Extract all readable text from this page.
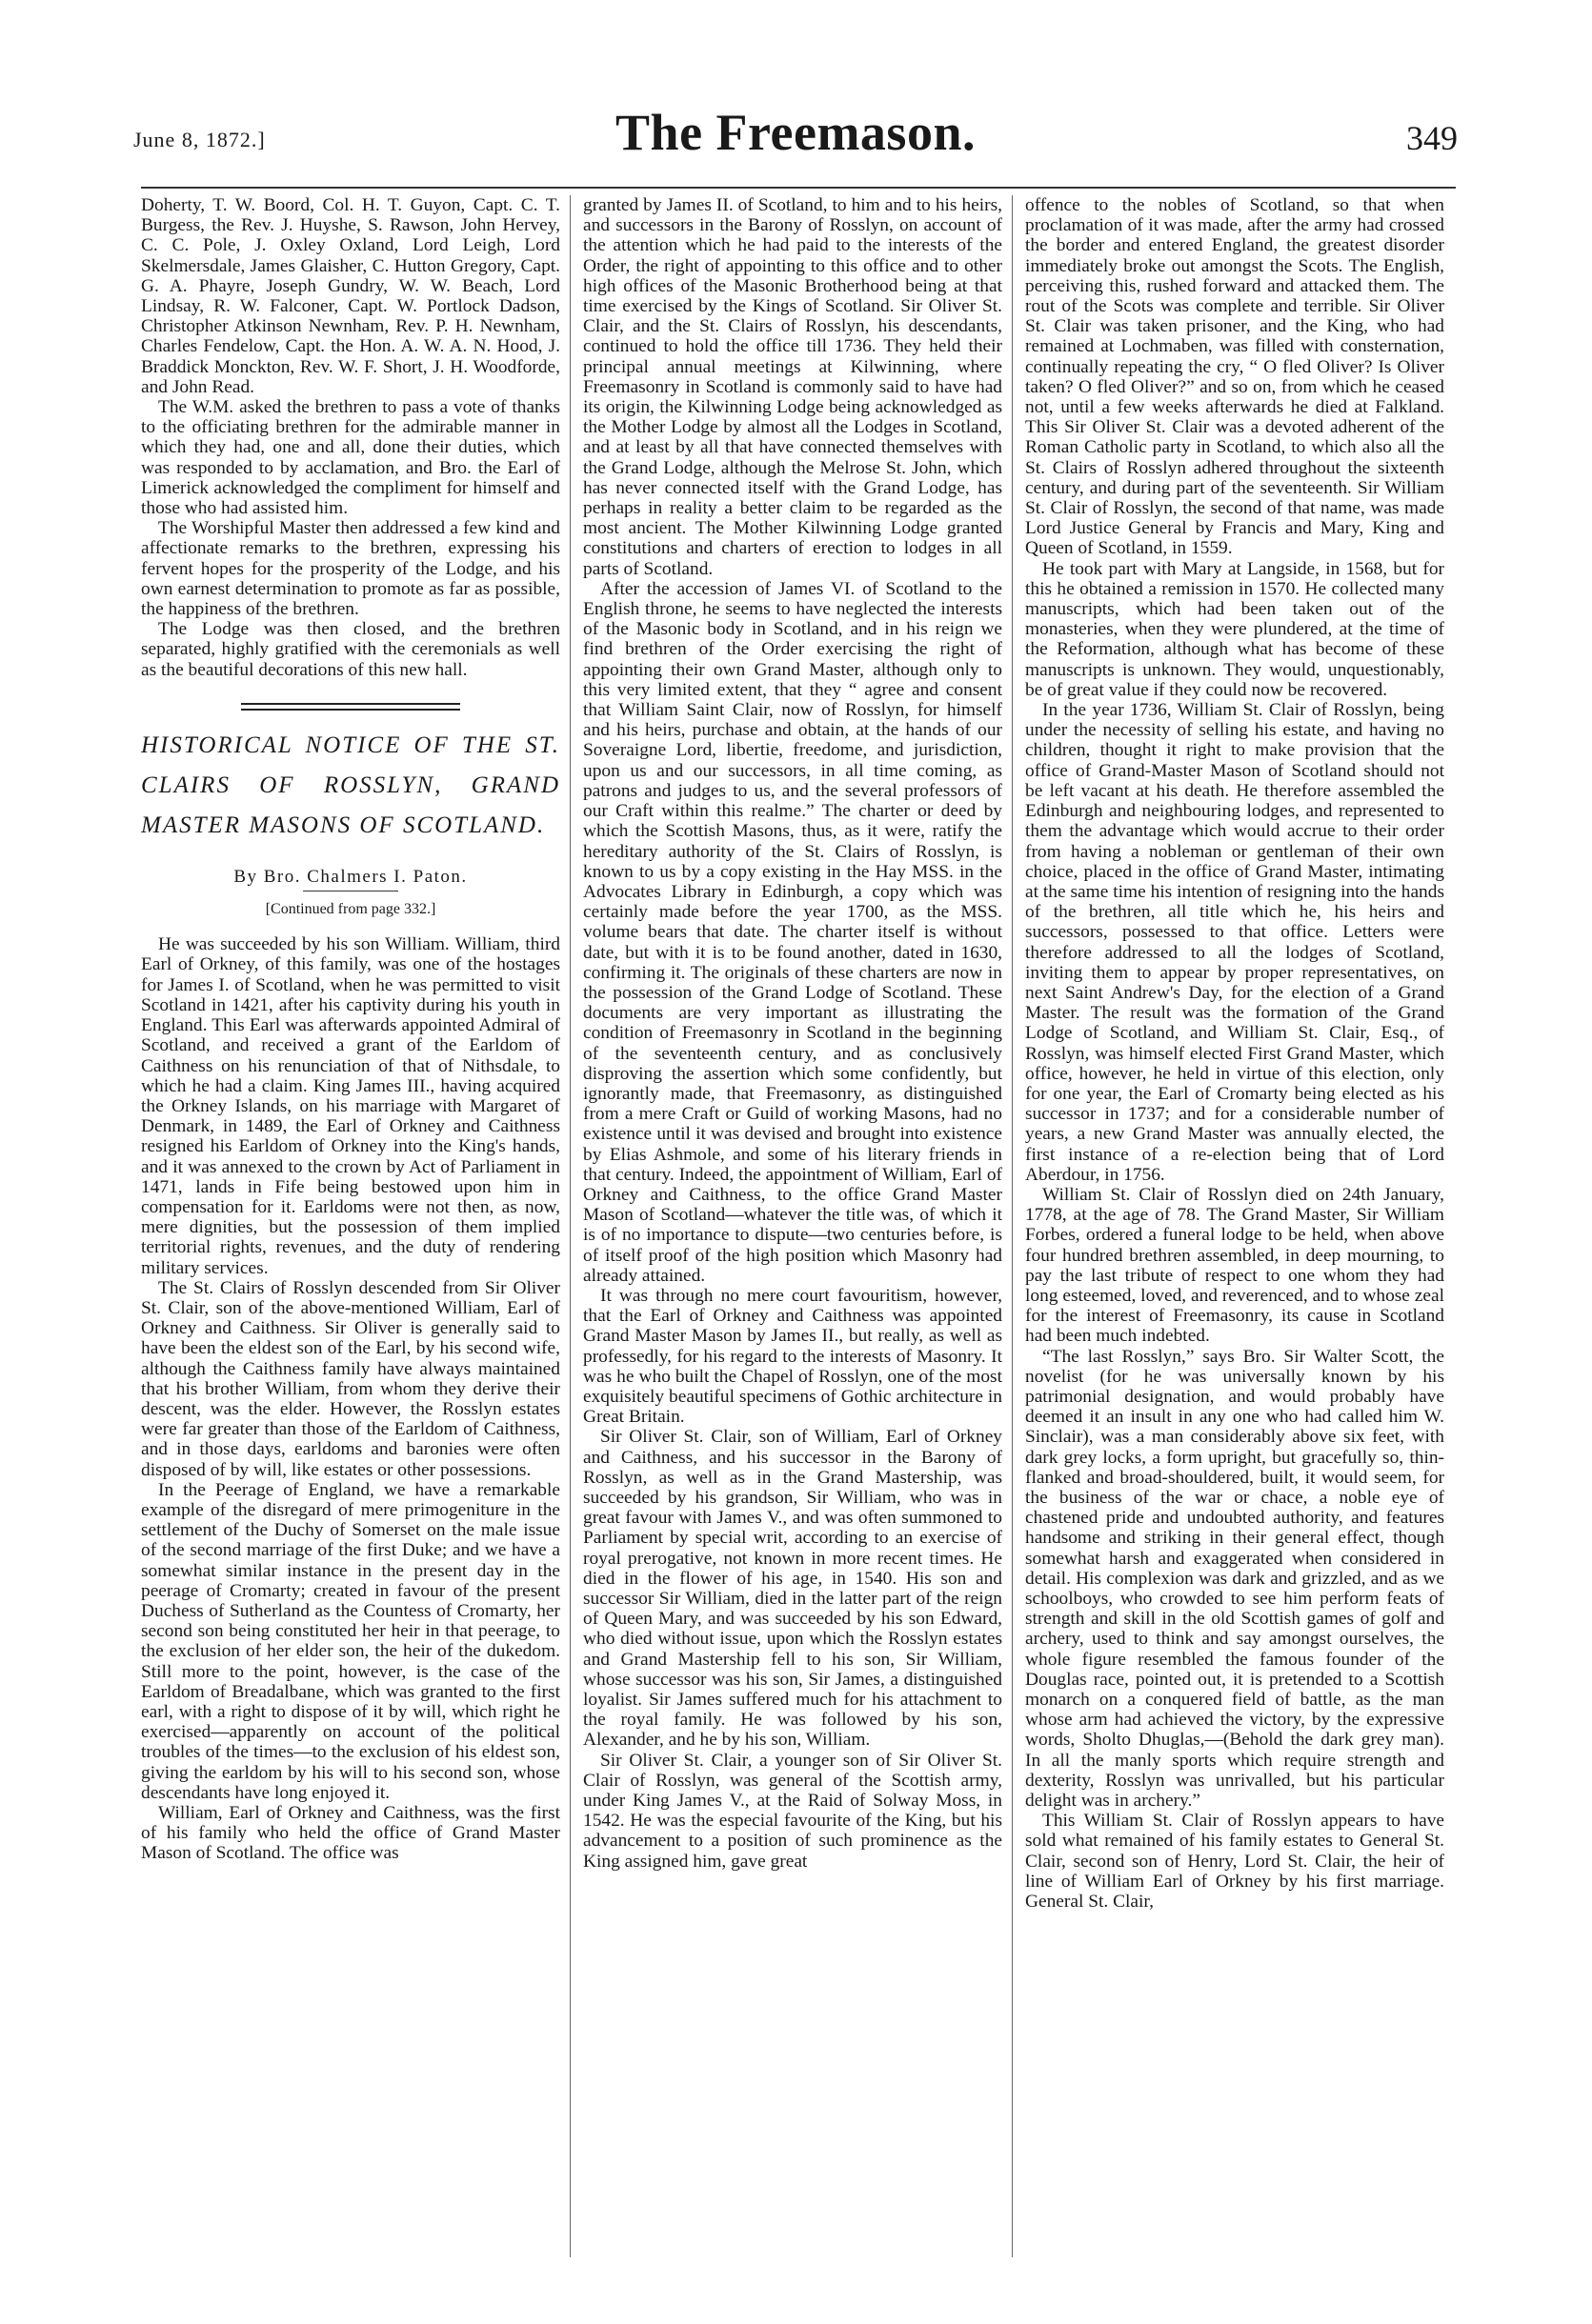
June 8, 1872.]	The Freemason.	349

Doherty, T. W. Boord, Col. H. T. Guyon, Capt. C. T. Burgess, the Rev. J. Huyshe, S. Rawson, John Hervey, C. C. Pole, J. Oxley Oxland, Lord Leigh, Lord Skelmersdale, James Glaisher, C. Hutton Gregory, Capt. G. A. Phayre, Joseph Gundry, W. W. Beach, Lord Lindsay, R. W. Falconer, Capt. W. Portlock Dadson, Christopher Atkinson Newnham, Rev. P. H. Newnham, Charles Fendelow, Capt. the Hon. A. W. A. N. Hood, J. Braddick Monckton, Rev. W. F. Short, J. H. Woodforde, and John Read.

The W.M. asked the brethren to pass a vote of thanks to the officiating brethren for the admirable manner in which they had, one and all, done their duties, which was responded to by acclamation, and Bro. the Earl of Limerick acknowledged the compliment for himself and those who had assisted him.

The Worshipful Master then addressed a few kind and affectionate remarks to the brethren, expressing his fervent hopes for the prosperity of the Lodge, and his own earnest determination to promote as far as possible, the happiness of the brethren.

The Lodge was then closed, and the brethren separated, highly gratified with the ceremonials as well as the beautiful decorations of this new hall.

HISTORICAL NOTICE OF THE ST. CLAIRS OF ROSSLYN, GRAND MASTER MASONS OF SCOTLAND.
By Bro. Chalmers I. Paton.
[Continued from page 332.]

He was succeeded by his son William. William, third Earl of Orkney, of this family, was one of the hostages for James I. of Scotland, when he was permitted to visit Scotland in 1421, after his captivity during his youth in England. This Earl was afterwards appointed Admiral of Scotland, and received a grant of the Earldom of Caithness on his renunciation of that of Nithsdale, to which he had a claim. King James III., having acquired the Orkney Islands, on his marriage with Margaret of Denmark, in 1489, the Earl of Orkney and Caithness resigned his Earldom of Orkney into the King's hands, and it was annexed to the crown by Act of Parliament in 1471, lands in Fife being bestowed upon him in compensation for it. Earldoms were not then, as now, mere dignities, but the possession of them implied territorial rights, revenues, and the duty of rendering military services.

The St. Clairs of Rosslyn descended from Sir Oliver St. Clair, son of the above-mentioned William, Earl of Orkney and Caithness. Sir Oliver is generally said to have been the eldest son of the Earl, by his second wife, although the Caithness family have always maintained that his brother William, from whom they derive their descent, was the elder. However, the Rosslyn estates were far greater than those of the Earldom of Caithness, and in those days, earldoms and baronies were often disposed of by will, like estates or other possessions.

In the Peerage of England, we have a remarkable example of the disregard of mere primogeniture in the settlement of the Duchy of Somerset on the male issue of the second marriage of the first Duke; and we have a somewhat similar instance in the present day in the peerage of Cromarty; created in favour of the present Duchess of Sutherland as the Countess of Cromarty, her second son being constituted her heir in that peerage, to the exclusion of her elder son, the heir of the dukedom. Still more to the point, however, is the case of the Earldom of Breadalbane, which was granted to the first earl, with a right to dispose of it by will, which right he exercised—apparently on account of the political troubles of the times—to the exclusion of his eldest son, giving the earldom by his will to his second son, whose descendants have long enjoyed it.

William, Earl of Orkney and Caithness, was the first of his family who held the office of Grand Master Mason of Scotland. The office was

granted by James II. of Scotland, to him and to his heirs, and successors in the Barony of Rosslyn, on account of the attention which he had paid to the interests of the Order, the right of appointing to this office and to other high offices of the Masonic Brotherhood being at that time exercised by the Kings of Scotland. Sir Oliver St. Clair, and the St. Clairs of Rosslyn, his descendants, continued to hold the office till 1736. They held their principal annual meetings at Kilwinning, where Freemasonry in Scotland is commonly said to have had its origin, the Kilwinning Lodge being acknowledged as the Mother Lodge by almost all the Lodges in Scotland, and at least by all that have connected themselves with the Grand Lodge, although the Melrose St. John, which has never connected itself with the Grand Lodge, has perhaps in reality a better claim to be regarded as the most ancient. The Mother Kilwinning Lodge granted constitutions and charters of erection to lodges in all parts of Scotland.

After the accession of James VI. of Scotland to the English throne, he seems to have neglected the interests of the Masonic body in Scotland, and in his reign we find brethren of the Order exercising the right of appointing their own Grand Master, although only to this very limited extent, that they “ agree and consent that William Saint Clair, now of Rosslyn, for himself and his heirs, purchase and obtain, at the hands of our Soveraigne Lord, libertie, freedome, and jurisdiction, upon us and our successors, in all time coming, as patrons and judges to us, and the several professors of our Craft within this realme.” The charter or deed by which the Scottish Masons, thus, as it were, ratify the hereditary authority of the St. Clairs of Rosslyn, is known to us by a copy existing in the Hay MSS. in the Advocates Library in Edinburgh, a copy which was certainly made before the year 1700, as the MSS. volume bears that date. The charter itself is without date, but with it is to be found another, dated in 1630, confirming it. The originals of these charters are now in the possession of the Grand Lodge of Scotland. These documents are very important as illustrating the condition of Freemasonry in Scotland in the beginning of the seventeenth century, and as conclusively disproving the assertion which some confidently, but ignorantly made, that Freemasonry, as distinguished from a mere Craft or Guild of working Masons, had no existence until it was devised and brought into existence by Elias Ashmole, and some of his literary friends in that century. Indeed, the appointment of William, Earl of Orkney and Caithness, to the office Grand Master Mason of Scotland—whatever the title was, of which it is of no importance to dispute—two centuries before, is of itself proof of the high position which Masonry had already attained.

It was through no mere court favouritism, however, that the Earl of Orkney and Caithness was appointed Grand Master Mason by James II., but really, as well as professedly, for his regard to the interests of Masonry. It was he who built the Chapel of Rosslyn, one of the most exquisitely beautiful specimens of Gothic architecture in Great Britain.

Sir Oliver St. Clair, son of William, Earl of Orkney and Caithness, and his successor in the Barony of Rosslyn, as well as in the Grand Mastership, was succeeded by his grandson, Sir William, who was in great favour with James V., and was often summoned to Parliament by special writ, according to an exercise of royal prerogative, not known in more recent times. He died in the flower of his age, in 1540. His son and successor Sir William, died in the latter part of the reign of Queen Mary, and was succeeded by his son Edward, who died without issue, upon which the Rosslyn estates and Grand Mastership fell to his son, Sir William, whose successor was his son, Sir James, a distinguished loyalist. Sir James suffered much for his attachment to the royal family. He was followed by his son, Alexander, and he by his son, William.

Sir Oliver St. Clair, a younger son of Sir Oliver St. Clair of Rosslyn, was general of the Scottish army, under King James V., at the Raid of Solway Moss, in 1542. He was the especial favourite of the King, but his advancement to a position of such prominence as the King assigned him, gave great

offence to the nobles of Scotland, so that when proclamation of it was made, after the army had crossed the border and entered England, the greatest disorder immediately broke out amongst the Scots. The English, perceiving this, rushed forward and attacked them. The rout of the Scots was complete and terrible. Sir Oliver St. Clair was taken prisoner, and the King, who had remained at Lochmaben, was filled with consternation, continually repeating the cry, “ O fled Oliver? Is Oliver taken? O fled Oliver?” and so on, from which he ceased not, until a few weeks afterwards he died at Falkland. This Sir Oliver St. Clair was a devoted adherent of the Roman Catholic party in Scotland, to which also all the St. Clairs of Rosslyn adhered throughout the sixteenth century, and during part of the seventeenth. Sir William St. Clair of Rosslyn, the second of that name, was made Lord Justice General by Francis and Mary, King and Queen of Scotland, in 1559.

He took part with Mary at Langside, in 1568, but for this he obtained a remission in 1570. He collected many manuscripts, which had been taken out of the monasteries, when they were plundered, at the time of the Reformation, although what has become of these manuscripts is unknown. They would, unquestionably, be of great value if they could now be recovered.

In the year 1736, William St. Clair of Rosslyn, being under the necessity of selling his estate, and having no children, thought it right to make provision that the office of Grand-Master Mason of Scotland should not be left vacant at his death. He therefore assembled the Edinburgh and neighbouring lodges, and represented to them the advantage which would accrue to their order from having a nobleman or gentleman of their own choice, placed in the office of Grand Master, intimating at the same time his intention of resigning into the hands of the brethren, all title which he, his heirs and successors, possessed to that office. Letters were therefore addressed to all the lodges of Scotland, inviting them to appear by proper representatives, on next Saint Andrew's Day, for the election of a Grand Master. The result was the formation of the Grand Lodge of Scotland, and William St. Clair, Esq., of Rosslyn, was himself elected First Grand Master, which office, however, he held in virtue of this election, only for one year, the Earl of Cromarty being elected as his successor in 1737; and for a considerable number of years, a new Grand Master was annually elected, the first instance of a re-election being that of Lord Aberdour, in 1756.

William St. Clair of Rosslyn died on 24th January, 1778, at the age of 78. The Grand Master, Sir William Forbes, ordered a funeral lodge to be held, when above four hundred brethren assembled, in deep mourning, to pay the last tribute of respect to one whom they had long esteemed, loved, and reverenced, and to whose zeal for the interest of Freemasonry, its cause in Scotland had been much indebted.

“The last Rosslyn,” says Bro. Sir Walter Scott, the novelist (for he was universally known by his patrimonial designation, and would probably have deemed it an insult in any one who had called him W. Sinclair), was a man considerably above six feet, with dark grey locks, a form upright, but gracefully so, thin-flanked and broad-shouldered, built, it would seem, for the business of the war or chace, a noble eye of chastened pride and undoubted authority, and features handsome and striking in their general effect, though somewhat harsh and exaggerated when considered in detail. His complexion was dark and grizzled, and as we schoolboys, who crowded to see him perform feats of strength and skill in the old Scottish games of golf and archery, used to think and say amongst ourselves, the whole figure resembled the famous founder of the Douglas race, pointed out, it is pretended to a Scottish monarch on a conquered field of battle, as the man whose arm had achieved the victory, by the expressive words, Sholto Dhuglas,—(Behold the dark grey man). In all the manly sports which require strength and dexterity, Rosslyn was unrivalled, but his particular delight was in archery.”

This William St. Clair of Rosslyn appears to have sold what remained of his family estates to General St. Clair, second son of Henry, Lord St. Clair, the heir of line of William Earl of Orkney by his first marriage. General St. Clair,
